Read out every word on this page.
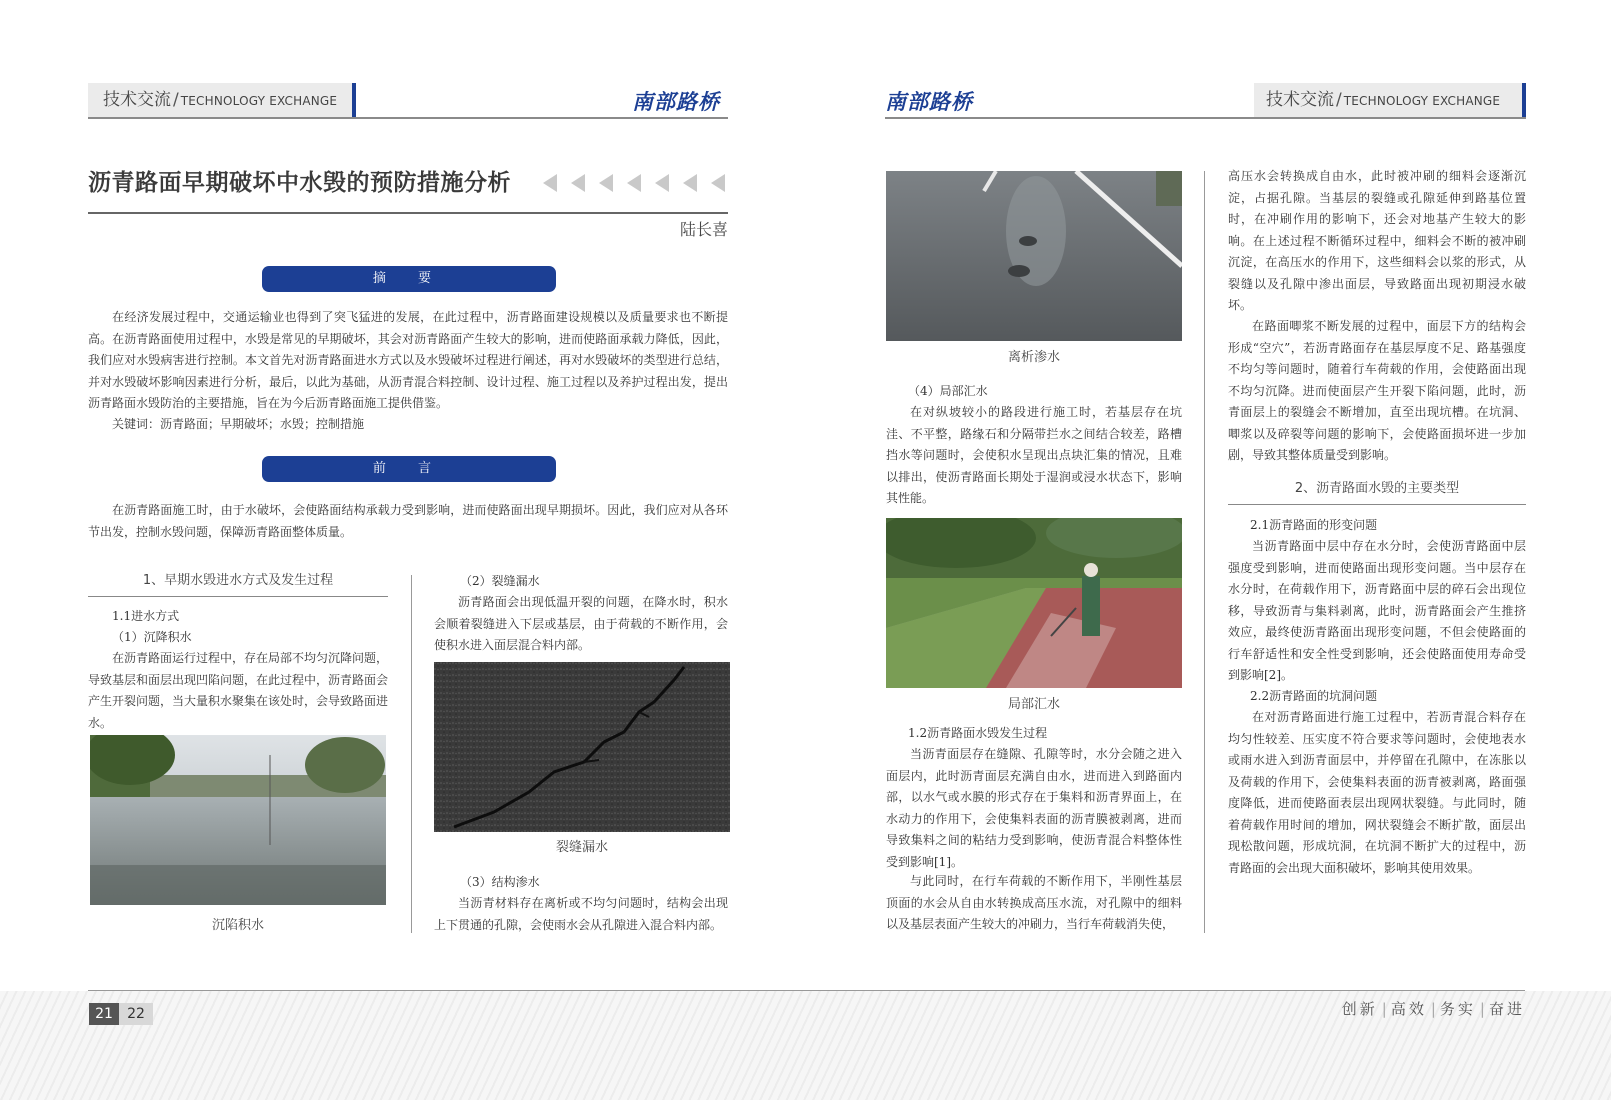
技术交流 / TECHNOLOGY EXCHANGE	南部路桥
沥青路面早期破坏中水毁的预防措施分析
陆长喜
摘 要

在经济发展过程中，交通运输业也得到了突飞猛进的发展，在此过程中，沥青路面建设规模以及质量要求也不断提高。在沥青路面使用过程中，水毁是常见的早期破坏，其会对沥青路面产生较大的影响，进而使路面承载力降低，因此，我们应对水毁病害进行控制。本文首先对沥青路面进水方式以及水毁破坏过程进行阐述，再对水毁破坏的类型进行总结，并对水毁破坏影响因素进行分析，最后，以此为基础，从沥青混合料控制、设计过程、施工过程以及养护过程出发，提出沥青路面水毁防治的主要措施，旨在为今后沥青路面施工提供借鉴。

关键词：沥青路面；早期破坏；水毁；控制措施

前 言

在沥青路面施工时，由于水破坏，会使路面结构承载力受到影响，进而使路面出现早期损坏。因此，我们应对从各环节出发，控制水毁问题，保障沥青路面整体质量。

1、早期水毁进水方式及发生过程
1.1进水方式
（1）沉降积水

在沥青路面运行过程中，存在局部不均匀沉降问题，导致基层和面层出现凹陷问题，在此过程中，沥青路面会产生开裂问题，当大量积水聚集在该处时，会导致路面进水。

沉陷积水
（2）裂缝漏水

沥青路面会出现低温开裂的问题，在降水时，积水会顺着裂缝进入下层或基层，由于荷载的不断作用，会使积水进入面层混合料内部。

裂缝漏水
（3）结构渗水

当沥青材料存在离析或不均匀问题时，结构会出现上下贯通的孔隙，会使雨水会从孔隙进入混合料内部。

南部路桥	技术交流 / TECHNOLOGY EXCHANGE
离析渗水
（4）局部汇水

在对纵坡较小的路段进行施工时，若基层存在坑洼、不平整，路缘石和分隔带拦水之间结合较差，路槽挡水等问题时，会使积水呈现出点块汇集的情况，且难以排出，使沥青路面长期处于湿润或浸水状态下，影响其性能。

局部汇水
1.2沥青路面水毁发生过程

当沥青面层存在缝隙、孔隙等时，水分会随之进入面层内，此时沥青面层充满自由水，进而进入到路面内部，以水气或水膜的形式存在于集料和沥青界面上，在水动力的作用下，会使集料表面的沥青膜被剥离，进而导致集料之间的粘结力受到影响，使沥青混合料整体性受到影响[1]。

与此同时，在行车荷载的不断作用下，半刚性基层顶面的水会从自由水转换成高压水流，对孔隙中的细料以及基层表面产生较大的冲刷力，当行车荷载消失使，

高压水会转换成自由水，此时被冲刷的细料会逐渐沉淀，占据孔隙。当基层的裂缝或孔隙延伸到路基位置时，在冲刷作用的影响下，还会对地基产生较大的影响。在上述过程不断循环过程中，细料会不断的被冲刷沉淀，在高压水的作用下，这些细料会以浆的形式，从裂缝以及孔隙中渗出面层，导致路面出现初期浸水破坏。

在路面唧浆不断发展的过程中，面层下方的结构会形成“空穴”，若沥青路面存在基层厚度不足、路基强度不均匀等问题时，随着行车荷载的作用，会使路面出现不均匀沉降。进而使面层产生开裂下陷问题，此时，沥青面层上的裂缝会不断增加，直至出现坑槽。在坑洞、唧浆以及碎裂等问题的影响下，会使路面损坏进一步加剧，导致其整体质量受到影响。

2、沥青路面水毁的主要类型
2.1沥青路面的形变问题

当沥青路面中层中存在水分时，会使沥青路面中层强度受到影响，进而使路面出现形变问题。当中层存在水分时，在荷载作用下，沥青路面中层的碎石会出现位移，导致沥青与集料剥离，此时，沥青路面会产生推挤效应，最终使沥青路面出现形变问题，不但会使路面的行车舒适性和安全性受到影响，还会使路面使用寿命受到影响[2]。

2.2沥青路面的坑洞问题

在对沥青路面进行施工过程中，若沥青混合料存在均匀性较差、压实度不符合要求等问题时，会使地表水或雨水进入到沥青面层中，并停留在孔隙中，在冻胀以及荷载的作用下，会使集料表面的沥青被剥离，路面强度降低，进而使路面表层出现网状裂缝。与此同时，随着荷载作用时间的增加，网状裂缝会不断扩散，面层出现松散问题，形成坑洞，在坑洞不断扩大的过程中，沥青路面的会出现大面积破坏，影响其使用效果。

21	22	创新 | 高效 | 务实 | 奋进
